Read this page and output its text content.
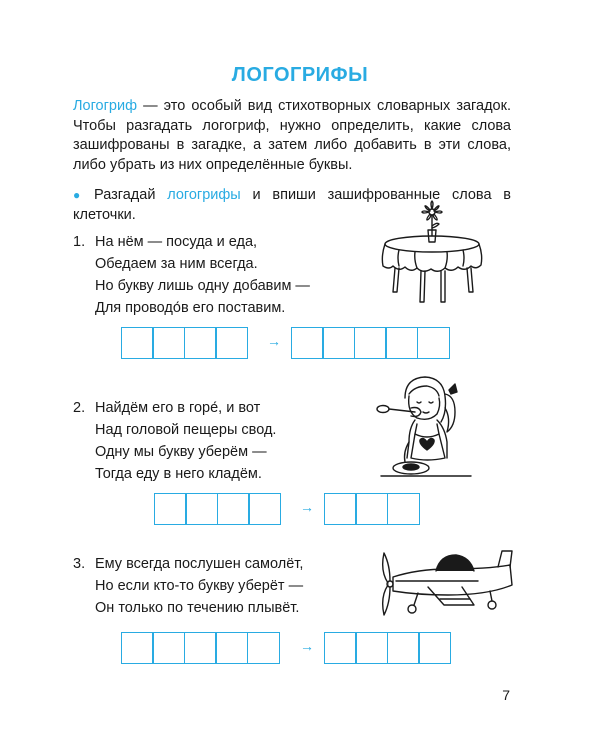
ЛОГОГРИФЫ
Логогриф — это особый вид стихотворных словарных загадок. Чтобы разгадать логогриф, нужно определить, какие слова зашифрованы в загадке, а затем либо добавить в эти слова, либо убрать из них определённые буквы.
● Разгадай логогрифы и впиши зашифрованные слова в клеточки.
1. На нём — посуда и еда,
Обедаем за ним всегда.
Но букву лишь одну добавим —
Для проводо́в его поставим.
→
2. Найдём его в горе́, и вот
Над головой пещеры свод.
Одну мы букву уберём —
Тогда еду в него кладём.
→
3. Ему всегда послушен самолёт,
Но если кто-то букву уберёт —
Он только по течению плывёт.
→
7
